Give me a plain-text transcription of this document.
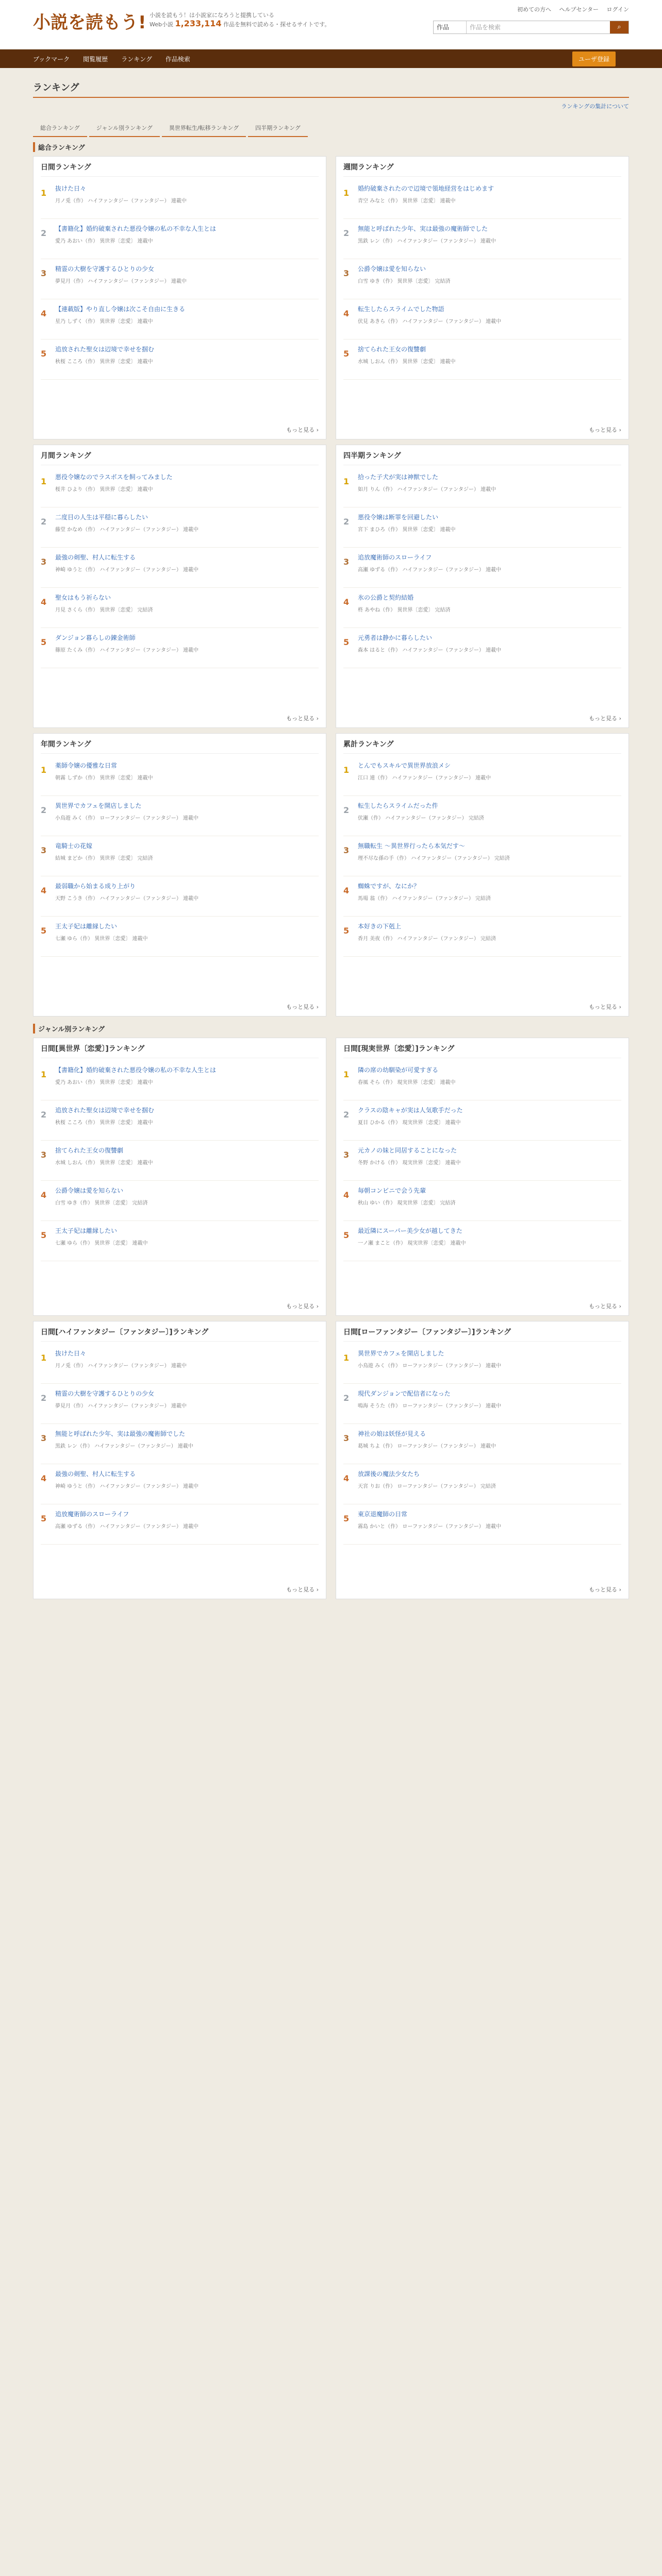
小説を読もう! 小説を読もう！は小説家になろうと提携している
Web小説 1,233,114 作品を無料で読める・探せるサイトです。
初めての方へ ヘルプセンター ログイン
作品	作品を検索	⌕
ブックマーク 閲覧履歴 ランキング 作品検索	ユーザ登録
ランキング
ランキングの集計について
総合ランキング	ジャンル別ランキング	異世界転生/転移ランキング	四半期ランキング
総合ランキング
日間ランキング
1	抜けた日々
月ノ兎（作） ハイファンタジー（ファンタジー） 連載中
2	【書籍化】婚約破棄された悪役令嬢の私の不幸な人生とは
愛乃 あおい（作） 異世界〔恋愛〕 連載中
3	精霊の大樹を守護するひとりの少女
夢見月（作） ハイファンタジー（ファンタジー） 連載中
4	【連載版】やり直し令嬢は次こそ自由に生きる
星乃 しずく（作） 異世界〔恋愛〕 連載中
5	追放された聖女は辺境で幸せを掴む
秋桜 こころ（作） 異世界〔恋愛〕 連載中
もっと見る ›
週間ランキング
1	婚約破棄されたので辺境で領地経営をはじめます
青空 みなと（作） 異世界〔恋愛〕 連載中
2	無能と呼ばれた少年、実は最強の魔術師でした
黒鉄 レン（作） ハイファンタジー（ファンタジー） 連載中
3	公爵令嬢は愛を知らない
白雪 ゆき（作） 異世界〔恋愛〕 完結済
4	転生したらスライムでした物語
伏見 あきら（作） ハイファンタジー（ファンタジー） 連載中
5	捨てられた王女の復讐劇
水城 しおん（作） 異世界〔恋愛〕 連載中
もっと見る ›
月間ランキング
1	悪役令嬢なのでラスボスを飼ってみました
桜井 ひより（作） 異世界〔恋愛〕 連載中
2	二度目の人生は平穏に暮らしたい
藤堂 かなめ（作） ハイファンタジー（ファンタジー） 連載中
3	最強の剣聖、村人に転生する
神崎 ゆうと（作） ハイファンタジー（ファンタジー） 連載中
4	聖女はもう祈らない
月見 さくら（作） 異世界〔恋愛〕 完結済
5	ダンジョン暮らしの錬金術師
篠原 たくみ（作） ハイファンタジー（ファンタジー） 連載中
もっと見る ›
四半期ランキング
1	拾った子犬が実は神獣でした
如月 りん（作） ハイファンタジー（ファンタジー） 連載中
2	悪役令嬢は断罪を回避したい
宮下 まひろ（作） 異世界〔恋愛〕 連載中
3	追放魔術師のスローライフ
高瀬 ゆずる（作） ハイファンタジー（ファンタジー） 連載中
4	氷の公爵と契約結婚
柊 あやね（作） 異世界〔恋愛〕 完結済
5	元勇者は静かに暮らしたい
森本 はると（作） ハイファンタジー（ファンタジー） 連載中
もっと見る ›
年間ランキング
1	薬師令嬢の優雅な日常
朝霧 しずか（作） 異世界〔恋愛〕 連載中
2	異世界でカフェを開店しました
小鳥遊 みく（作） ローファンタジー（ファンタジー） 連載中
3	竜騎士の花嫁
結城 まどか（作） 異世界〔恋愛〕 完結済
4	最弱職から始まる成り上がり
天野 こうき（作） ハイファンタジー（ファンタジー） 連載中
5	王太子妃は離縁したい
七瀬 ゆら（作） 異世界〔恋愛〕 連載中
もっと見る ›
累計ランキング
1	とんでもスキルで異世界放浪メシ
江口 連（作） ハイファンタジー（ファンタジー） 連載中
2	転生したらスライムだった件
伏瀬（作） ハイファンタジー（ファンタジー） 完結済
3	無職転生 ～異世界行ったら本気だす～
理不尽な孫の手（作） ハイファンタジー（ファンタジー） 完結済
4	蜘蛛ですが、なにか？
馬場 翁（作） ハイファンタジー（ファンタジー） 完結済
5	本好きの下剋上
香月 美夜（作） ハイファンタジー（ファンタジー） 完結済
もっと見る ›
ジャンル別ランキング
日間[異世界〔恋愛〕]ランキング
1	【書籍化】婚約破棄された悪役令嬢の私の不幸な人生とは
愛乃 あおい（作） 異世界〔恋愛〕 連載中
2	追放された聖女は辺境で幸せを掴む
秋桜 こころ（作） 異世界〔恋愛〕 連載中
3	捨てられた王女の復讐劇
水城 しおん（作） 異世界〔恋愛〕 連載中
4	公爵令嬢は愛を知らない
白雪 ゆき（作） 異世界〔恋愛〕 完結済
5	王太子妃は離縁したい
七瀬 ゆら（作） 異世界〔恋愛〕 連載中
もっと見る ›
日間[現実世界〔恋愛〕]ランキング
1	隣の席の幼馴染が可愛すぎる
春風 そら（作） 現実世界〔恋愛〕 連載中
2	クラスの陰キャが実は人気歌手だった
夏目 ひかる（作） 現実世界〔恋愛〕 連載中
3	元カノの妹と同居することになった
冬野 かける（作） 現実世界〔恋愛〕 連載中
4	毎朝コンビニで会う先輩
秋山 ゆい（作） 現実世界〔恋愛〕 完結済
5	最近隣にスーパー美少女が越してきた
一ノ瀬 まこと（作） 現実世界〔恋愛〕 連載中
もっと見る ›
日間[ハイファンタジー〔ファンタジー〕]ランキング
1	抜けた日々
月ノ兎（作） ハイファンタジー（ファンタジー） 連載中
2	精霊の大樹を守護するひとりの少女
夢見月（作） ハイファンタジー（ファンタジー） 連載中
3	無能と呼ばれた少年、実は最強の魔術師でした
黒鉄 レン（作） ハイファンタジー（ファンタジー） 連載中
4	最強の剣聖、村人に転生する
神崎 ゆうと（作） ハイファンタジー（ファンタジー） 連載中
5	追放魔術師のスローライフ
高瀬 ゆずる（作） ハイファンタジー（ファンタジー） 連載中
もっと見る ›
日間[ローファンタジー〔ファンタジー〕]ランキング
1	異世界でカフェを開店しました
小鳥遊 みく（作） ローファンタジー（ファンタジー） 連載中
2	現代ダンジョンで配信者になった
鳴海 そうた（作） ローファンタジー（ファンタジー） 連載中
3	神社の娘は妖怪が見える
葛城 ちよ（作） ローファンタジー（ファンタジー） 連載中
4	放課後の魔法少女たち
天宮 りお（作） ローファンタジー（ファンタジー） 完結済
5	東京退魔師の日常
霧島 かいと（作） ローファンタジー（ファンタジー） 連載中
もっと見る ›
